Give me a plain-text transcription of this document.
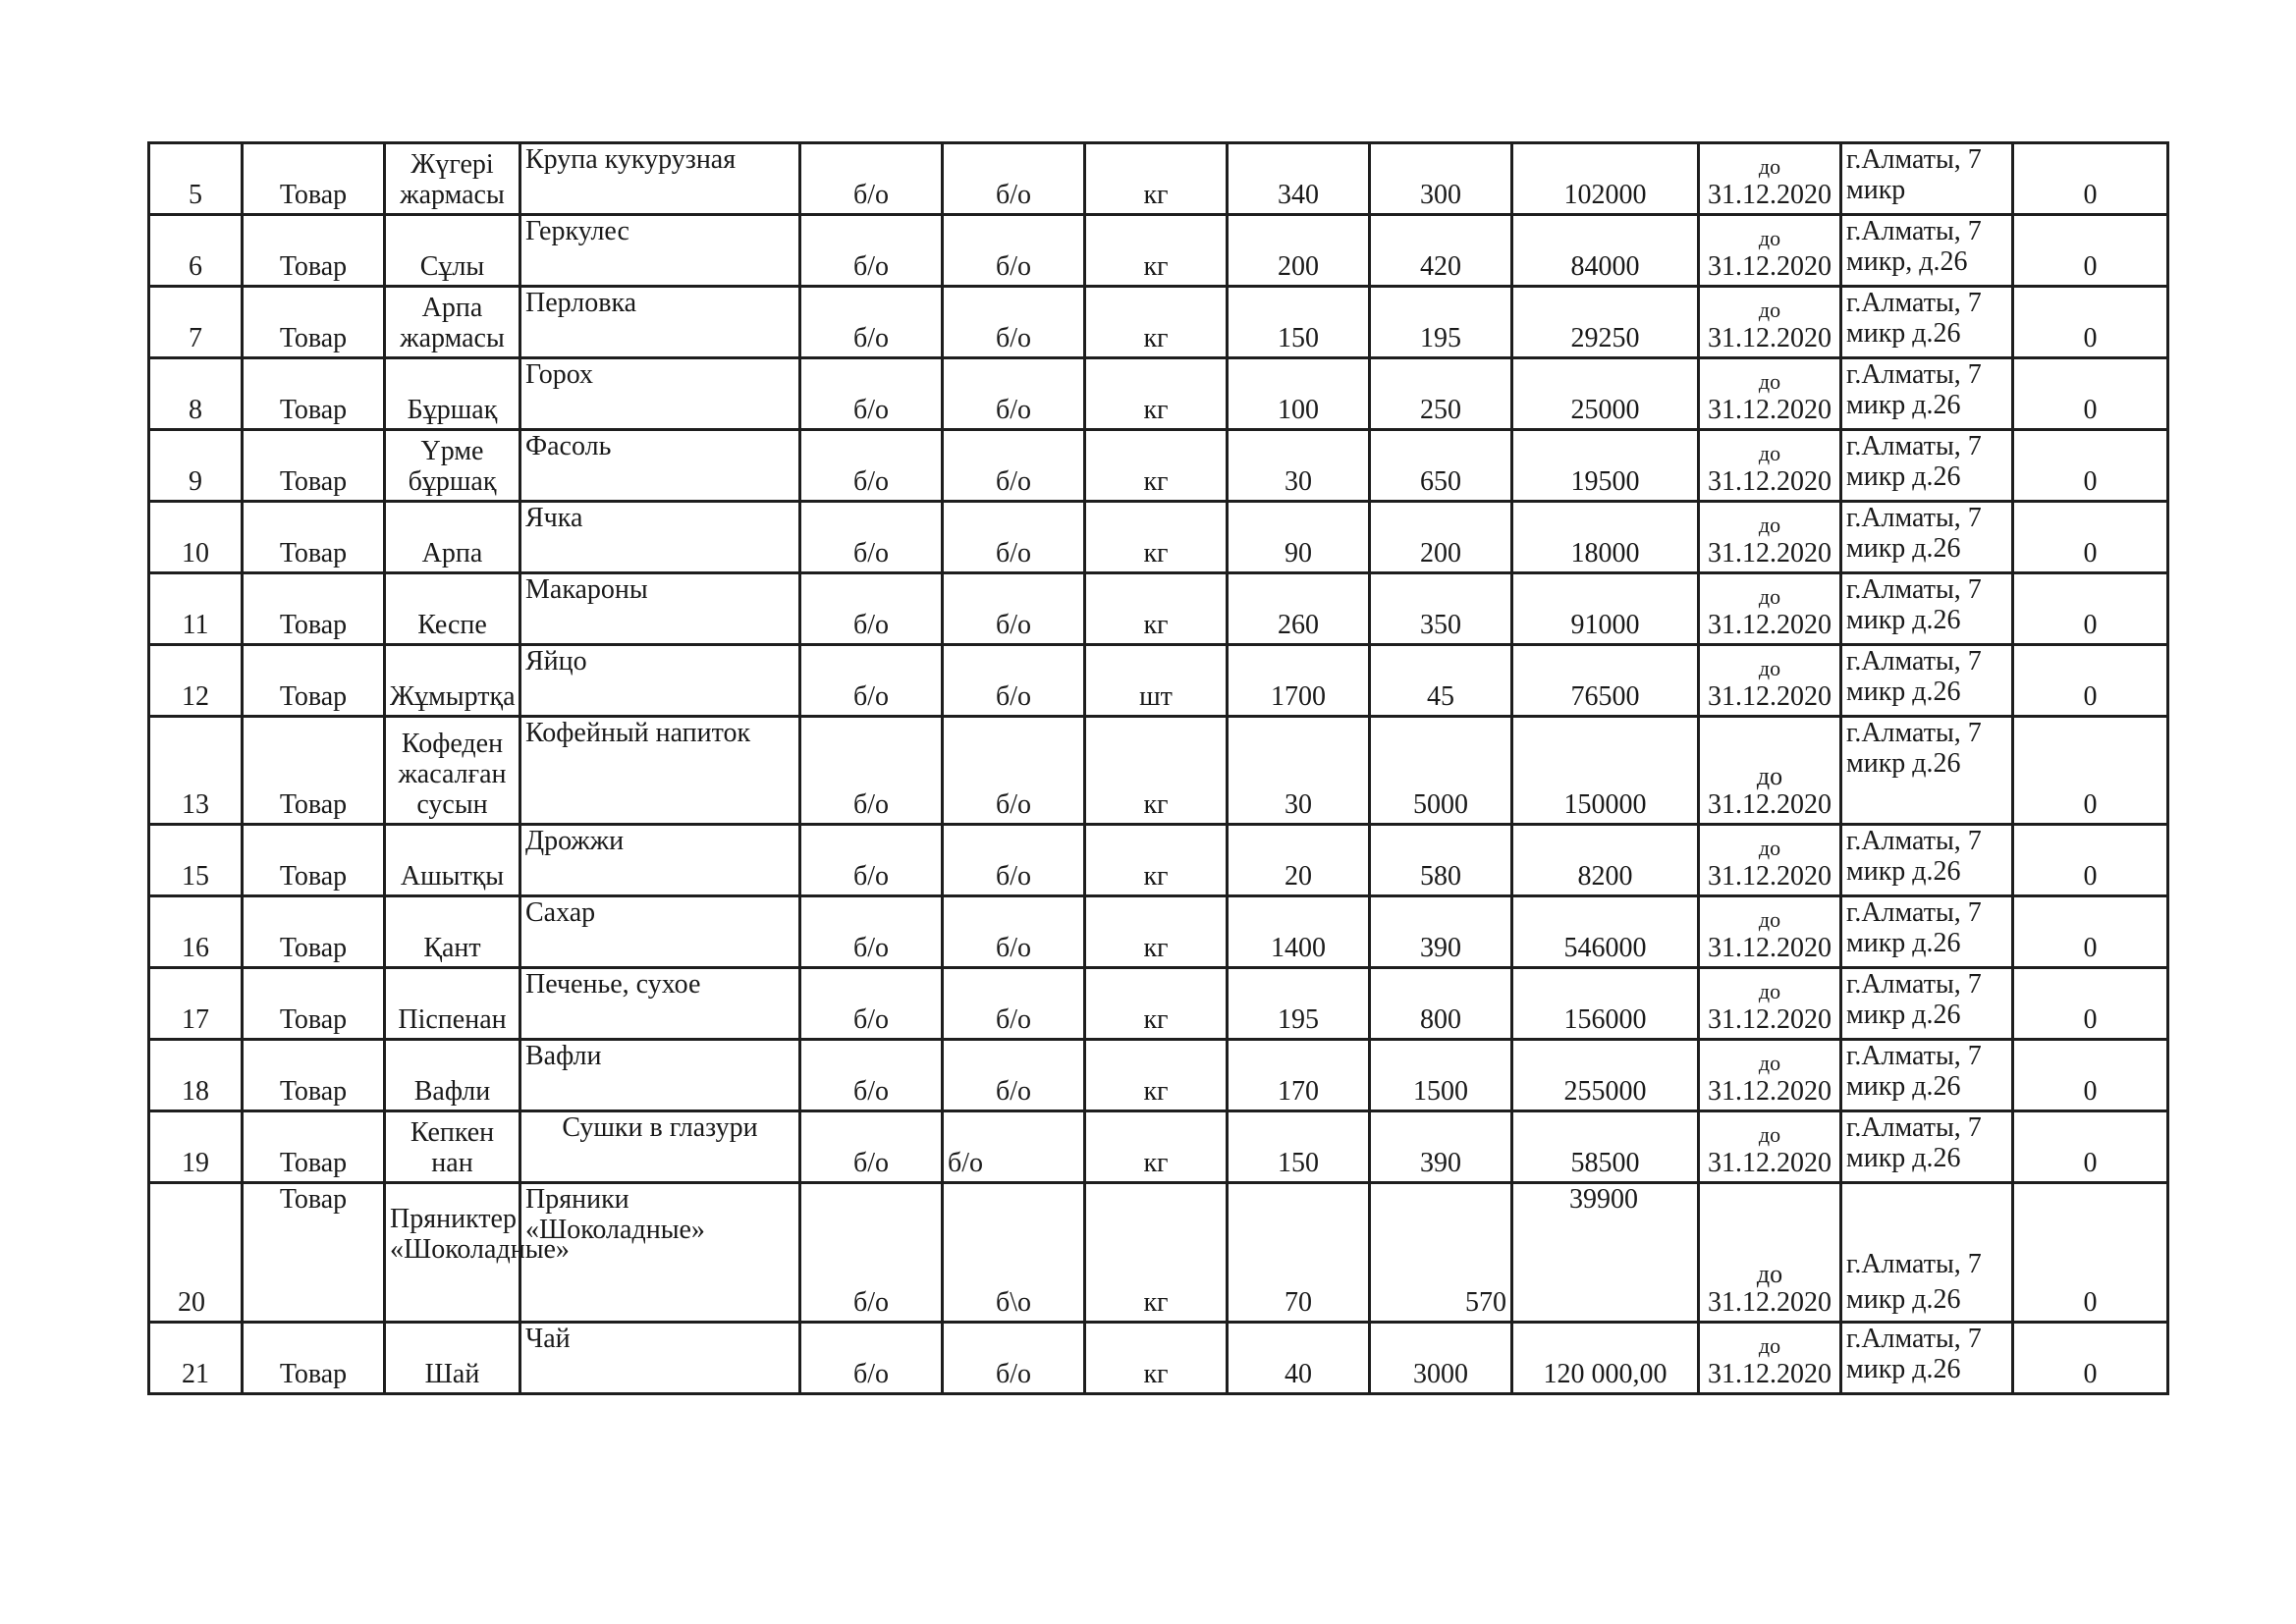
5	Товар	Жүгері жармасы	Крупа кукурузная	б/о	б/о	кг	340	300	102000	до
31.12.2020	г.Алматы, 7 микр	0
6	Товар	Сұлы	Геркулес	б/о	б/о	кг	200	420	84000	до
31.12.2020	г.Алматы, 7 микр, д.26	0
7	Товар	Арпа жармасы	Перловка	б/о	б/о	кг	150	195	29250	до
31.12.2020	г.Алматы, 7 микр д.26	0
8	Товар	Бұршақ	Горох	б/о	б/о	кг	100	250	25000	до
31.12.2020	г.Алматы, 7 микр д.26	0
9	Товар	Үрме бұршақ	Фасоль	б/о	б/о	кг	30	650	19500	до
31.12.2020	г.Алматы, 7 микр д.26	0
10	Товар	Арпа	Ячка	б/о	б/о	кг	90	200	18000	до
31.12.2020	г.Алматы, 7 микр д.26	0
11	Товар	Кеспе	Макароны	б/о	б/о	кг	260	350	91000	до
31.12.2020	г.Алматы, 7 микр д.26	0
12	Товар	Жұмыртқа	Яйцо	б/о	б/о	шт	1700	45	76500	до
31.12.2020	г.Алматы, 7 микр д.26	0
13	Товар	Кофеден жасалған сусын	Кофейный напиток	б/о	б/о	кг	30	5000	150000	до
31.12.2020	г.Алматы, 7 микр д.26	0
15	Товар	Ашытқы	Дрожжи	б/о	б/о	кг	20	580	8200	до
31.12.2020	г.Алматы, 7 микр д.26	0
16	Товар	Қант	Сахар	б/о	б/о	кг	1400	390	546000	до
31.12.2020	г.Алматы, 7 микр д.26	0
17	Товар	Піспенан	Печенье, сухое	б/о	б/о	кг	195	800	156000	до
31.12.2020	г.Алматы, 7 микр д.26	0
18	Товар	Вафли	Вафли	б/о	б/о	кг	170	1500	255000	до
31.12.2020	г.Алматы, 7 микр д.26	0
19	Товар	Кепкен нан	Сушки в глазури	б/о	б/о	кг	150	390	58500	до
31.12.2020	г.Алматы, 7 микр д.26	0
20	Товар	Пряниктер «Шоколадные»	Пряники «Шоколадные»	б/о	б\о	кг	70	570	39900	до
31.12.2020	г.Алматы, 7 микр д.26	0
21	Товар	Шай	Чай	б/о	б/о	кг	40	3000	120 000,00	до
31.12.2020	г.Алматы, 7 микр д.26	0
